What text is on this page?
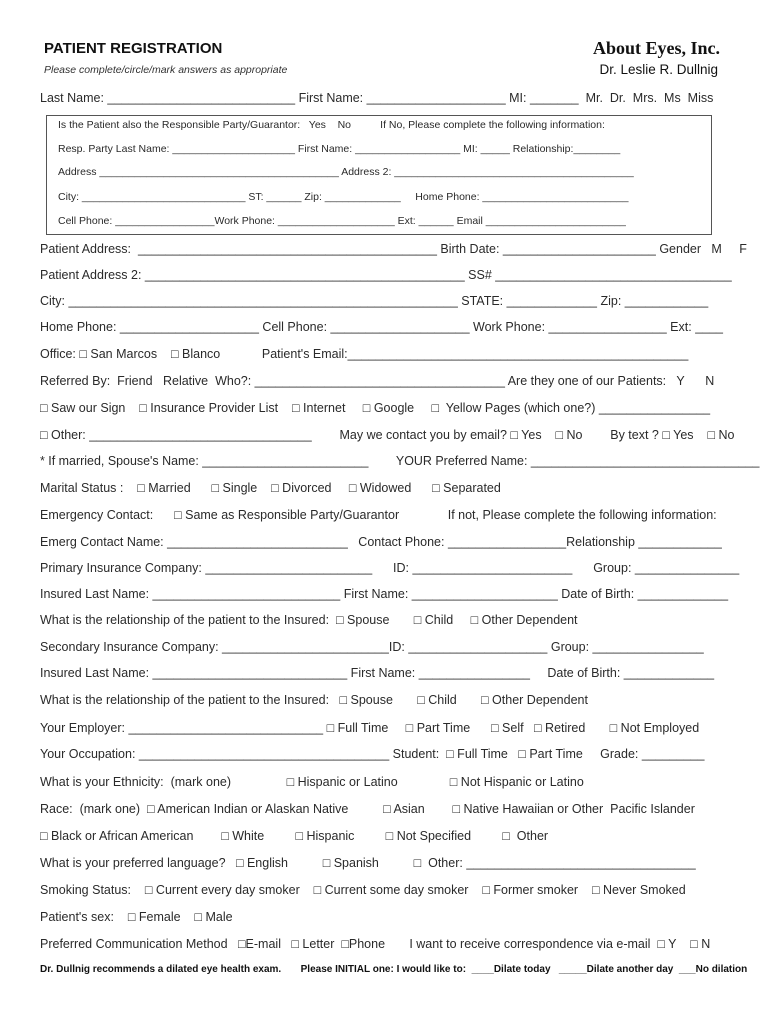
PATIENT REGISTRATION
Please complete/circle/mark answers as appropriate
About Eyes, Inc.
Dr. Leslie R. Dullnig
Last Name: ___________________________ First Name: ____________________ MI: _______  Mr.  Dr.  Mrs.  Ms  Miss
Is the Patient also the Responsible Party/Guarantor:   Yes    No          If No, Please complete the following information:
Resp. Party Last Name: _____________________ First Name: __________________ MI: _____ Relationship:________
Address _________________________________________ Address 2: _________________________________________
City: ____________________________ ST: ______ Zip: _____________     Home Phone: _________________________
Cell Phone: _________________Work Phone: ____________________ Ext: ______ Email ________________________
Patient Address:  ___________________________________________ Birth Date: ______________________ Gender   M     F
Patient Address 2: ______________________________________________ SS# __________________________________
City: ________________________________________________________ STATE: _____________ Zip: ____________
Home Phone: ____________________ Cell Phone: ____________________ Work Phone: _________________ Ext: ____
Office: □ San Marcos    □ Blanco            Patient's Email:_________________________________________________
Referred By:  Friend   Relative  Who?: ____________________________________ Are they one of our Patients:   Y      N
□ Saw our Sign    □ Insurance Provider List    □ Internet     □ Google     □  Yellow Pages (which one?) ________________
□ Other: ________________________________        May we contact you by email? □ Yes    □ No        By text ? □ Yes    □ No
* If married, Spouse's Name: ________________________        YOUR Preferred Name: _________________________________
Marital Status :    □ Married      □ Single    □ Divorced     □ Widowed      □ Separated
Emergency Contact:      □ Same as Responsible Party/Guarantor              If not, Please complete the following information:
Emerg Contact Name: __________________________   Contact Phone: _________________Relationship ____________
Primary Insurance Company: ________________________      ID: _______________________      Group: _______________
Insured Last Name: ___________________________ First Name: _____________________ Date of Birth: _____________
What is the relationship of the patient to the Insured:  □ Spouse       □ Child     □ Other Dependent
Secondary Insurance Company: ________________________ID: ____________________ Group: ________________
Insured Last Name: ____________________________ First Name: ________________     Date of Birth: _____________
What is the relationship of the patient to the Insured:   □ Spouse       □ Child       □ Other Dependent
Your Employer: ____________________________ □ Full Time     □ Part Time      □ Self   □ Retired       □ Not Employed
Your Occupation: ____________________________________ Student:  □ Full Time   □ Part Time     Grade: _________
What is your Ethnicity:  (mark one)                □ Hispanic or Latino               □ Not Hispanic or Latino
Race:  (mark one)  □ American Indian or Alaskan Native          □ Asian        □ Native Hawaiian or Other  Pacific Islander
□ Black or African American        □ White         □ Hispanic         □ Not Specified         □  Other
What is your preferred language?   □ English          □ Spanish          □  Other: _________________________________
Smoking Status:    □ Current every day smoker    □ Current some day smoker    □ Former smoker    □ Never Smoked
Patient's sex:    □ Female    □ Male
Preferred Communication Method   □E-mail   □ Letter  □Phone       I want to receive correspondence via e-mail  □ Y    □ N
Dr. Dullnig recommends a dilated eye health exam.       Please INITIAL one: I would like to:  ____Dilate today   _____Dilate another day  ___No dilation
